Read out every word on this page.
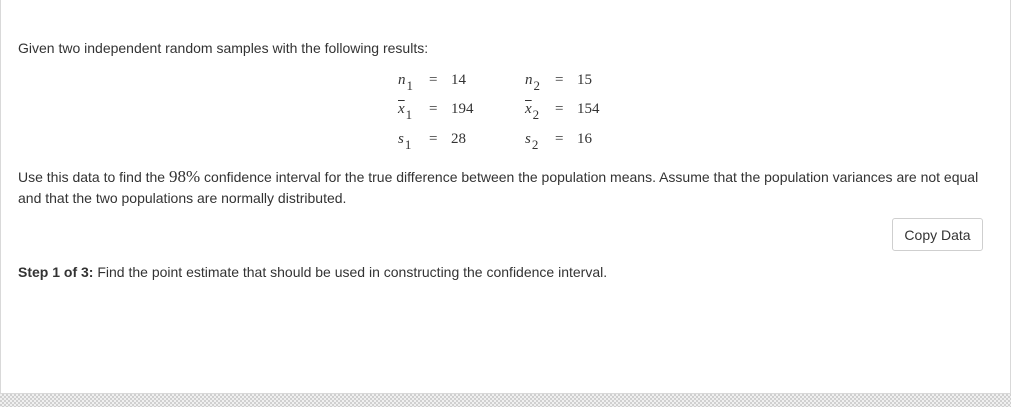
Given two independent random samples with the following results:
$n_1 = 14$
$\overline{x}_1 = 194$
$s_1 = 28$
$n_2 = 15$
$\overline{x}_2 = 154$
$s_2 = 16$
Use this data to find the 98% confidence interval for the true difference between the population means. Assume that the population variances are not equal and that the two populations are normally distributed.
Copy Data
Step 1 of 3: Find the point estimate that should be used in constructing the confidence interval.
